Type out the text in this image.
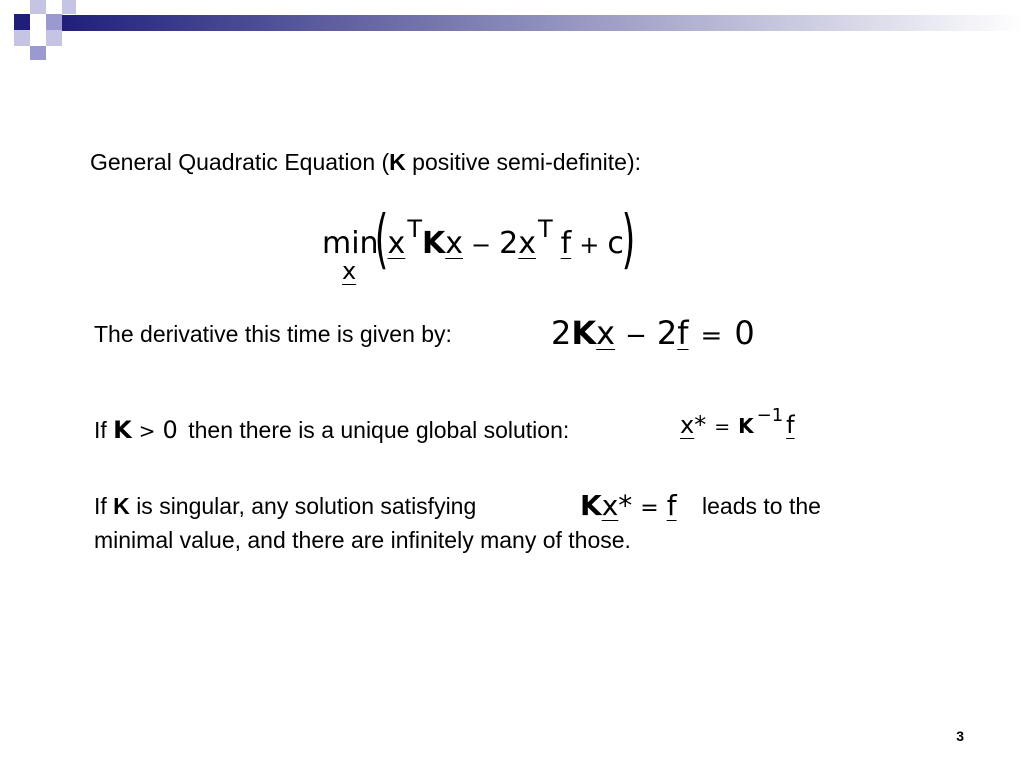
General Quadratic Equation (K positive semi-definite):
$\min(x^TKx - 2x^T$ f + c)
x
The derivative this time is given by:	2Kx − 2f = 0
If K > 0 then there is a unique global solution:	x* = K $^{-1}$ f
If K is singular, any solution satisfying	Kx* = f leads to the
minimal value, and there are infinitely many of those.
3
